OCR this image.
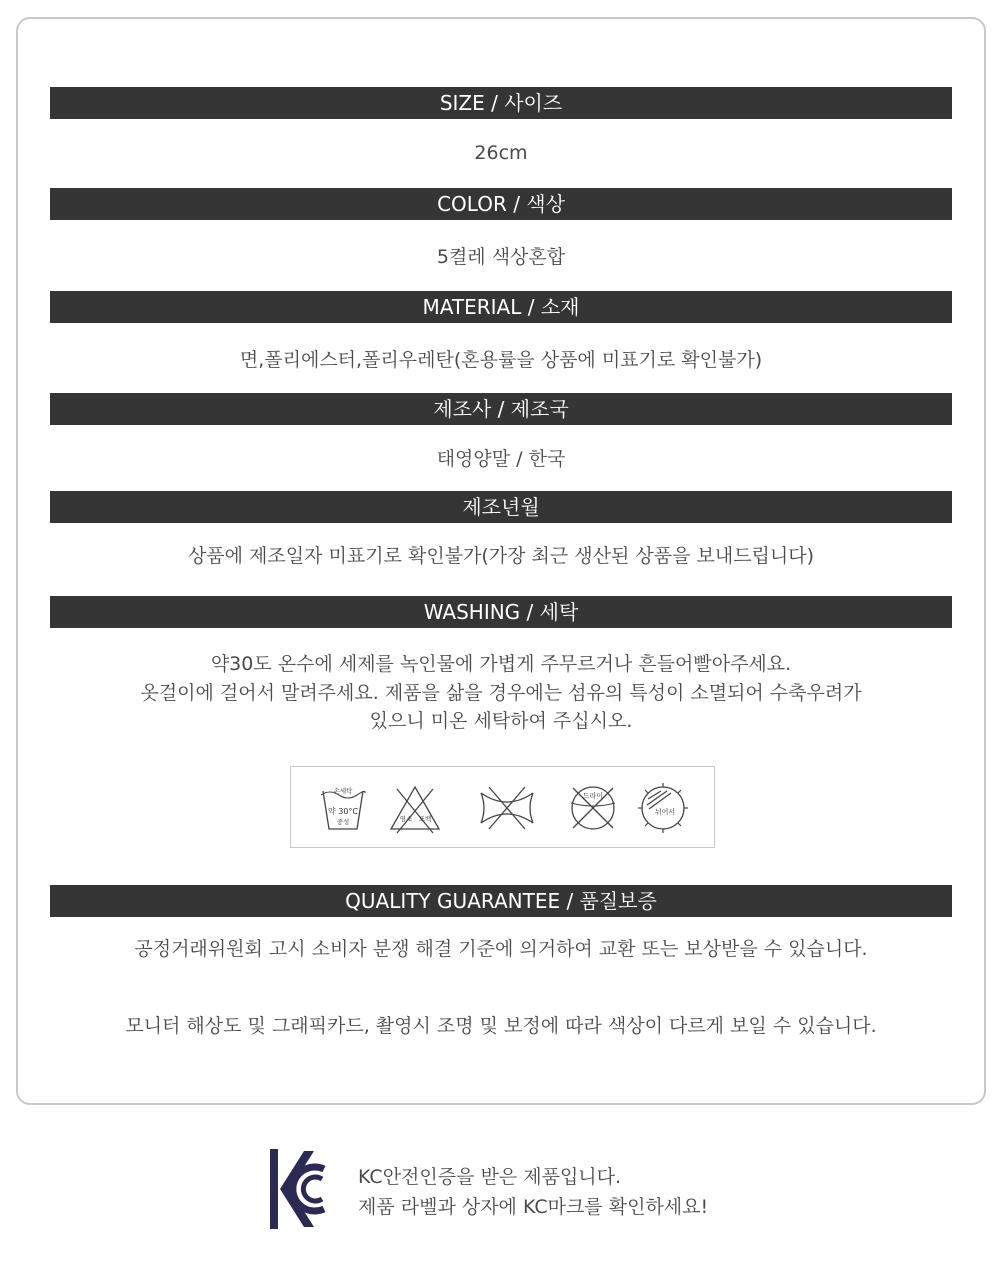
SIZE / 사이즈
26cm
COLOR / 색상
5켤레 색상혼합
MATERIAL / 소재
면,폴리에스터,폴리우레탄(혼용률을 상품에 미표기로 확인불가)
제조사 / 제조국
태영양말 / 한국
제조년월
상품에 제조일자 미표기로 확인불가(가장 최근 생산된 상품을 보내드립니다)
WASHING / 세탁
약30도 온수에 세제를 녹인물에 가볍게 주무르거나 흔들어빨아주세요.
옷걸이에 걸어서 말려주세요. 제품을 삶을 경우에는 섬유의 특성이 소멸되어 수축우려가
있으니 미온 세탁하여 주십시오.
손세탁
약 30°C
중성	염소 표백
드라이
뉘어서
QUALITY GUARANTEE / 품질보증
공정거래위원회 고시 소비자 분쟁 해결 기준에 의거하여 교환 또는 보상받을 수 있습니다.
모니터 해상도 및 그래픽카드, 촬영시 조명 및 보정에 따라 색상이 다르게 보일 수 있습니다.
KC안전인증을 받은 제품입니다.
제품 라벨과 상자에 KC마크를 확인하세요!
